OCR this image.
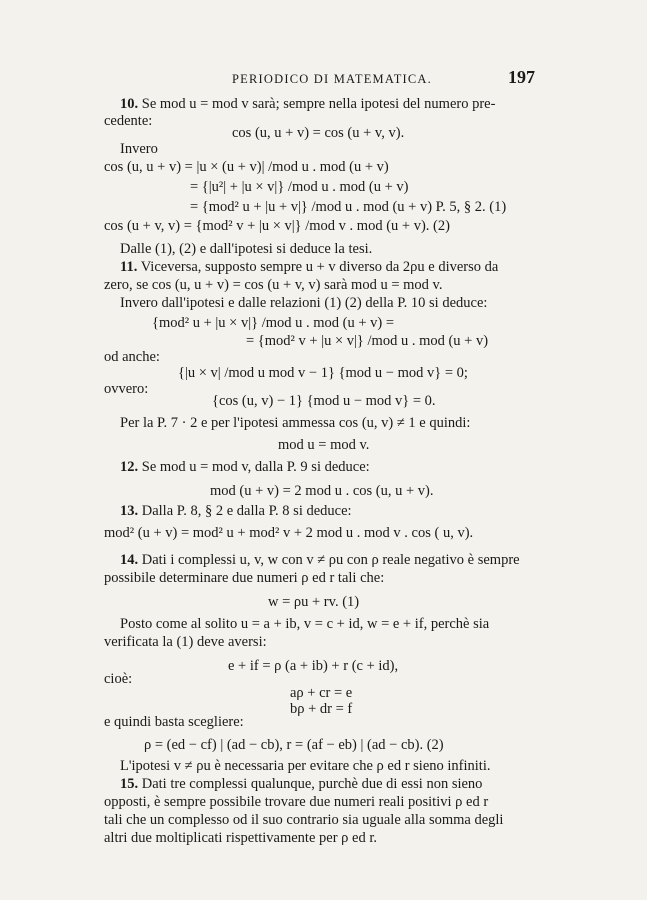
PERIODICO DI MATEMATICA.	197
10. Se mod u = mod v sarà; sempre nella ipotesi del numero pre-
cedente:
cos (u, u + v) = cos (u + v, v).
Invero
cos (u, u + v) = |u × (u + v)| /mod u . mod (u + v)
= {|u²| + |u × v|} /mod u . mod (u + v)
= {mod² u + |u + v|} /mod u . mod (u + v) P. 5, § 2. (1)
cos (u + v, v) = {mod² v + |u × v|} /mod v . mod (u + v). (2)
Dalle (1), (2) e dall'ipotesi si deduce la tesi.
11. Viceversa, supposto sempre u + v diverso da 2ρu e diverso da
zero, se cos (u, u + v) = cos (u + v, v) sarà mod u = mod v.
Invero dall'ipotesi e dalle relazioni (1) (2) della P. 10 si deduce:
{mod² u + |u × v|} /mod u . mod (u + v) =
= {mod² v + |u × v|} /mod u . mod (u + v)
od anche:
{|u × v| /mod u mod v − 1} {mod u − mod v} = 0;
ovvero:
{cos (u, v) − 1} {mod u − mod v} = 0.
Per la P. 7 · 2 e per l'ipotesi ammessa cos (u, v) ≠ 1 e quindi:
mod u = mod v.
12. Se mod u = mod v, dalla P. 9 si deduce:
mod (u + v) = 2 mod u . cos (u, u + v).
13. Dalla P. 8, § 2 e dalla P. 8 si deduce:
mod² (u + v) = mod² u + mod² v + 2 mod u . mod v . cos ( u, v).
14. Dati i complessi u, v, w con v ≠ ρu con ρ reale negativo è sempre
possibile determinare due numeri ρ ed r tali che:
w = ρu + rv. (1)
Posto come al solito u = a + ib, v = c + id, w = e + if, perchè sia
verificata la (1) deve aversi:
e + if = ρ (a + ib) + r (c + id),
cioè:
aρ + cr = e
bρ + dr = f
e quindi basta scegliere:
ρ = (ed − cf) | (ad − cb), r = (af − eb) | (ad − cb). (2)
L'ipotesi v ≠ ρu è necessaria per evitare che ρ ed r sieno infiniti.
15. Dati tre complessi qualunque, purchè due di essi non sieno
opposti, è sempre possibile trovare due numeri reali positivi ρ ed r
tali che un complesso od il suo contrario sia uguale alla somma degli
altri due moltiplicati rispettivamente per ρ ed r.
